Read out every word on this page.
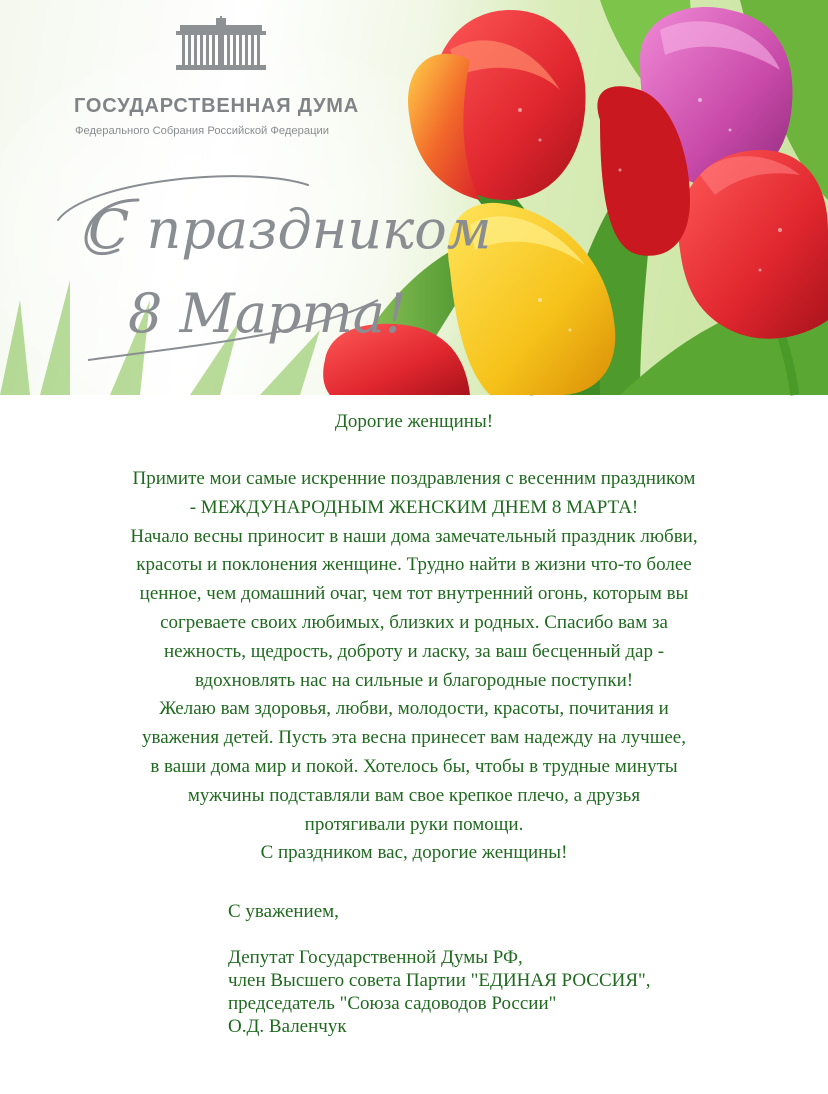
ГОСУДАРСТВЕННАЯ ДУМА
Федерального Собрания Российской Федерации
С праздником
8 Марта!
Дорогие женщины!
Примите мои самые искренние поздравления с весенним праздником
- МЕЖДУНАРОДНЫМ ЖЕНСКИМ ДНЕМ 8 МАРТА!
Начало весны приносит в наши дома замечательный праздник любви,
красоты и поклонения женщине. Трудно найти в жизни что-то более
ценное, чем домашний очаг, чем тот внутренний огонь, которым вы
согреваете своих любимых, близких и родных. Спасибо вам за
нежность, щедрость, доброту и ласку, за ваш бесценный дар -
вдохновлять нас на сильные и благородные поступки!
Желаю вам здоровья, любви, молодости, красоты, почитания и
уважения детей. Пусть эта весна принесет вам надежду на лучшее,
в ваши дома мир и покой. Хотелось бы, чтобы в трудные минуты
мужчины подставляли вам свое крепкое плечо, а друзья
протягивали руки помощи.
С праздником вас, дорогие женщины!
С уважением,
Депутат Государственной Думы РФ,
член Высшего совета Партии "ЕДИНАЯ РОССИЯ",
председатель "Союза садоводов России"
О.Д. Валенчук
